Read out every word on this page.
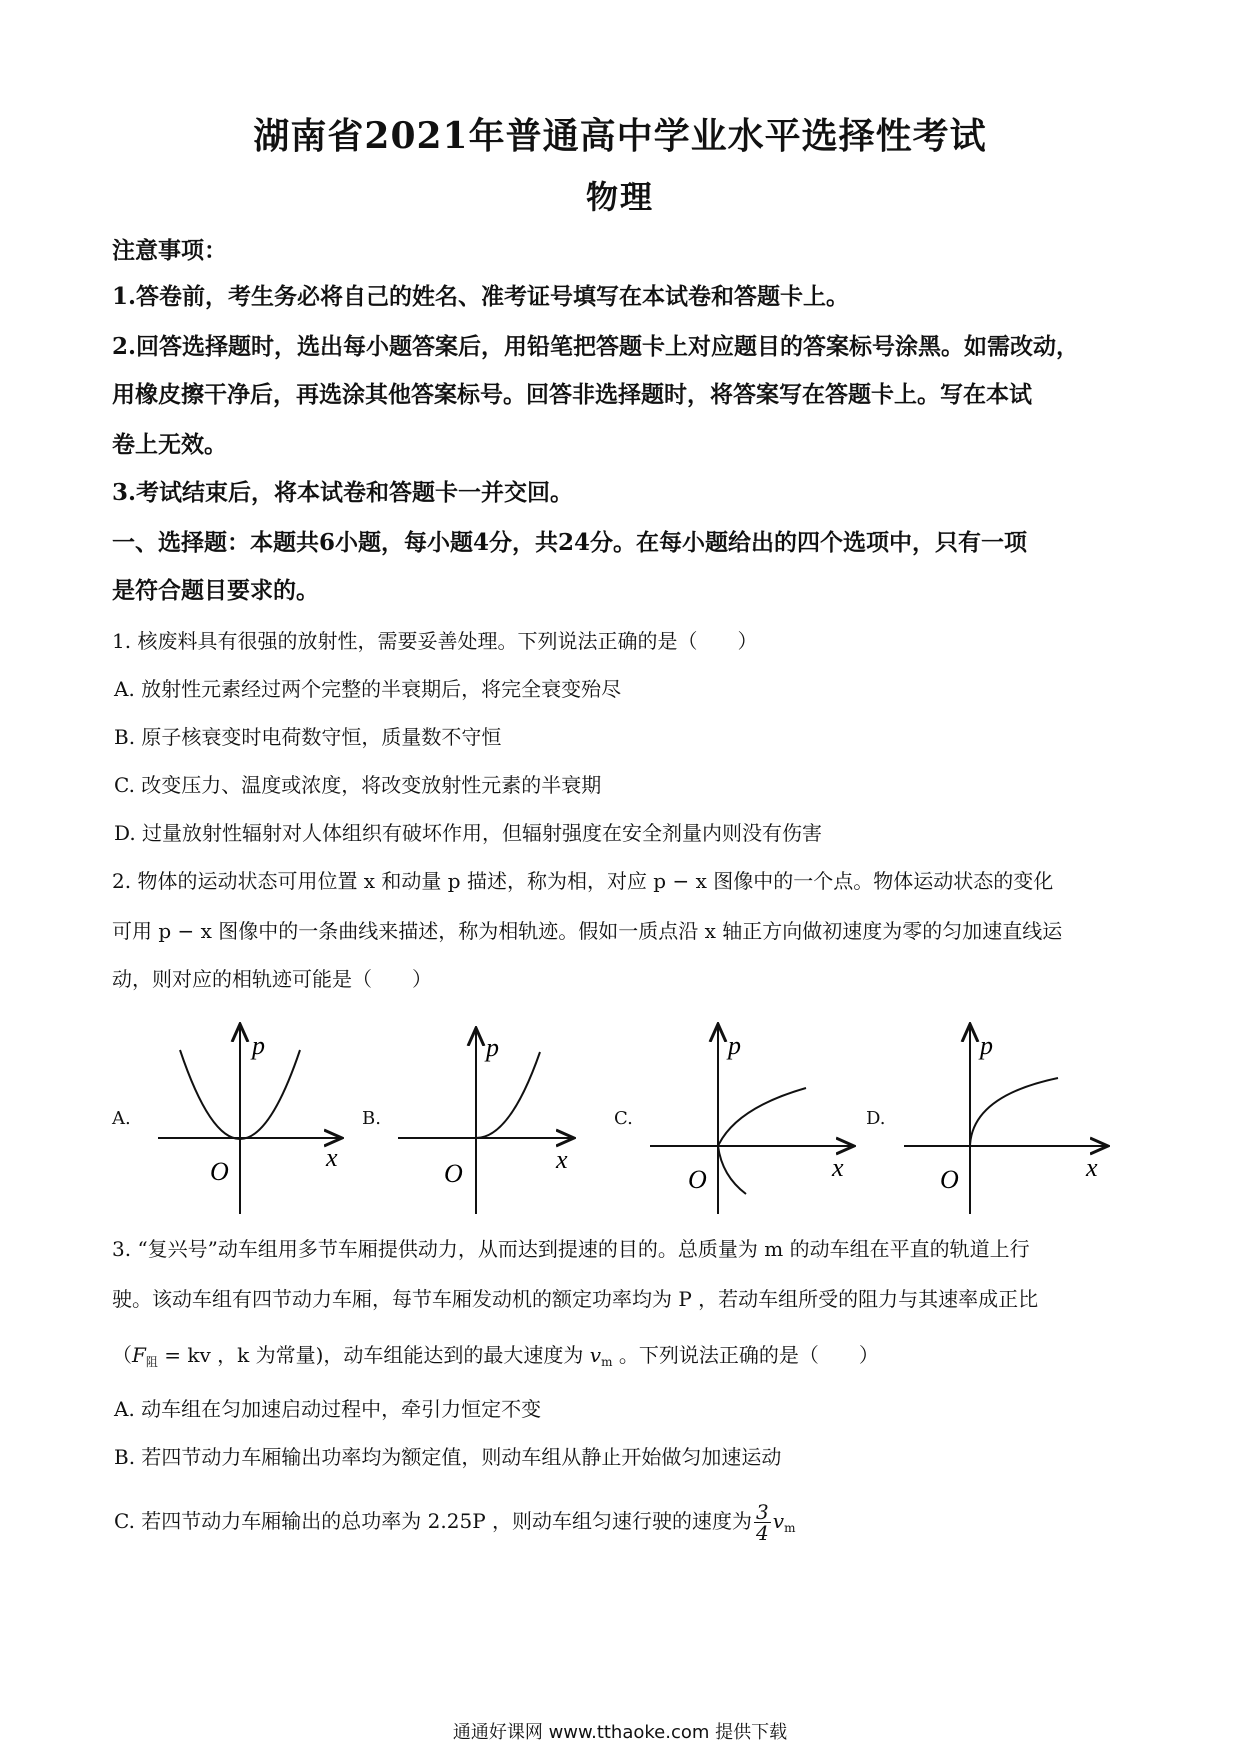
湖南省2021年普通高中学业水平选择性考试
物理
注意事项：
1.答卷前，考生务必将自己的姓名、准考证号填写在本试卷和答题卡上。
2.回答选择题时，选出每小题答案后，用铅笔把答题卡上对应题目的答案标号涂黑。如需改动，
用橡皮擦干净后，再选涂其他答案标号。回答非选择题时，将答案写在答题卡上。写在本试
卷上无效。
3.考试结束后，将本试卷和答题卡一并交回。
一、选择题：本题共6小题，每小题4分，共24分。在每小题给出的四个选项中，只有一项
是符合题目要求的。
1. 核废料具有很强的放射性，需要妥善处理。下列说法正确的是（　　）
A. 放射性元素经过两个完整的半衰期后，将完全衰变殆尽
B. 原子核衰变时电荷数守恒，质量数不守恒
C. 改变压力、温度或浓度，将改变放射性元素的半衰期
D. 过量放射性辐射对人体组织有破坏作用，但辐射强度在安全剂量内则没有伤害
2. 物体的运动状态可用位置 x 和动量 p 描述，称为相，对应 p − x 图像中的一个点。物体运动状态的变化
可用 p − x 图像中的一条曲线来描述，称为相轨迹。假如一质点沿 x 轴正方向做初速度为零的匀加速直线运
动，则对应的相轨迹可能是（　　）
A.
p
x
O
B.
p
x
O
C.
p
x
O
D.
p
x
O
3. “复兴号”动车组用多节车厢提供动力，从而达到提速的目的。总质量为 m 的动车组在平直的轨道上行
驶。该动车组有四节动力车厢，每节车厢发动机的额定功率均为 P ，若动车组所受的阻力与其速率成正比
（$F_阻$ = kv ，k 为常量)，动车组能达到的最大速度为 $v_m$ 。下列说法正确的是（　　）
A. 动车组在匀加速启动过程中，牵引力恒定不变
B. 若四节动力车厢输出功率均为额定值，则动车组从静止开始做匀加速运动
C. 若四节动力车厢输出的总功率为 2.25P ，则动车组匀速行驶的速度为 $\frac{3}{4} v_m$
通通好课网 www.tthaoke.com 提供下载
